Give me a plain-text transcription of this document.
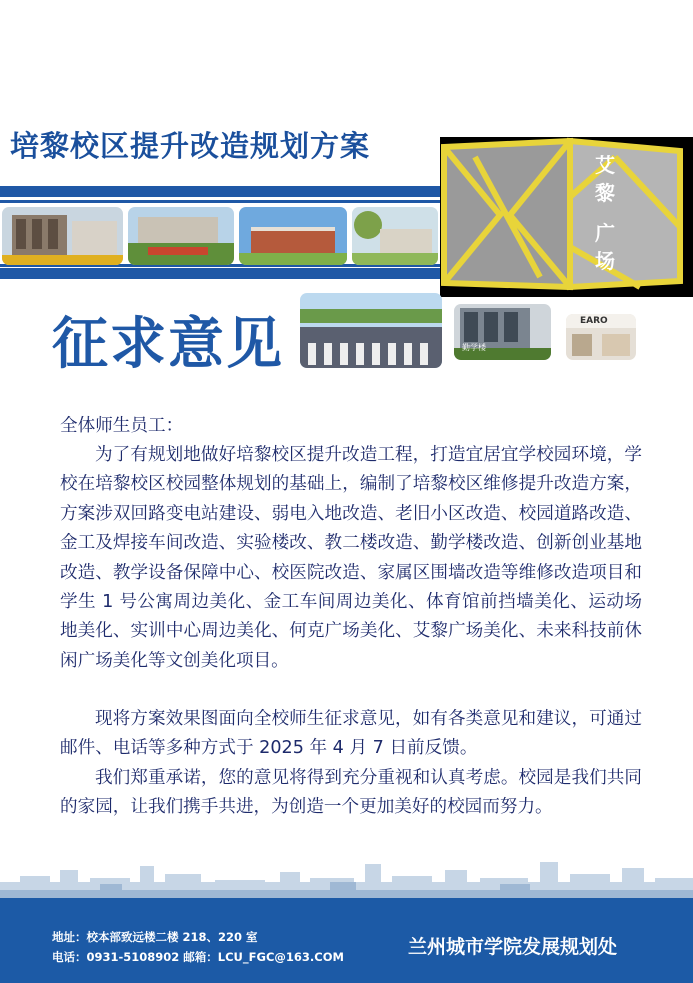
培黎校区提升改造规划方案
艾
黎
广
场
征求意见	勤学楼
EARO
全体师生员工：
为了有规划地做好培黎校区提升改造工程，打造宜居宜学校园环境，学校在培黎校区校园整体规划的基础上，编制了培黎校区维修提升改造方案，方案涉双回路变电站建设、弱电入地改造、老旧小区改造、校园道路改造、金工及焊接车间改造、实验楼改、教二楼改造、勤学楼改造、创新创业基地改造、教学设备保障中心、校医院改造、家属区围墙改造等维修改造项目和学生 1 号公寓周边美化、金工车间周边美化、体育馆前挡墙美化、运动场地美化、实训中心周边美化、何克广场美化、艾黎广场美化、未来科技前休闲广场美化等文创美化项目。
现将方案效果图面向全校师生征求意见，如有各类意见和建议，可通过邮件、电话等多种方式于 2025 年 4 月 7 日前反馈。
我们郑重承诺，您的意见将得到充分重视和认真考虑。校园是我们共同的家园，让我们携手共进，为创造一个更加美好的校园而努力。
地址：校本部致远楼二楼 218、220 室
电话：0931-5108902 邮箱：LCU_FGC@163.COM	兰州城市学院发展规划处
